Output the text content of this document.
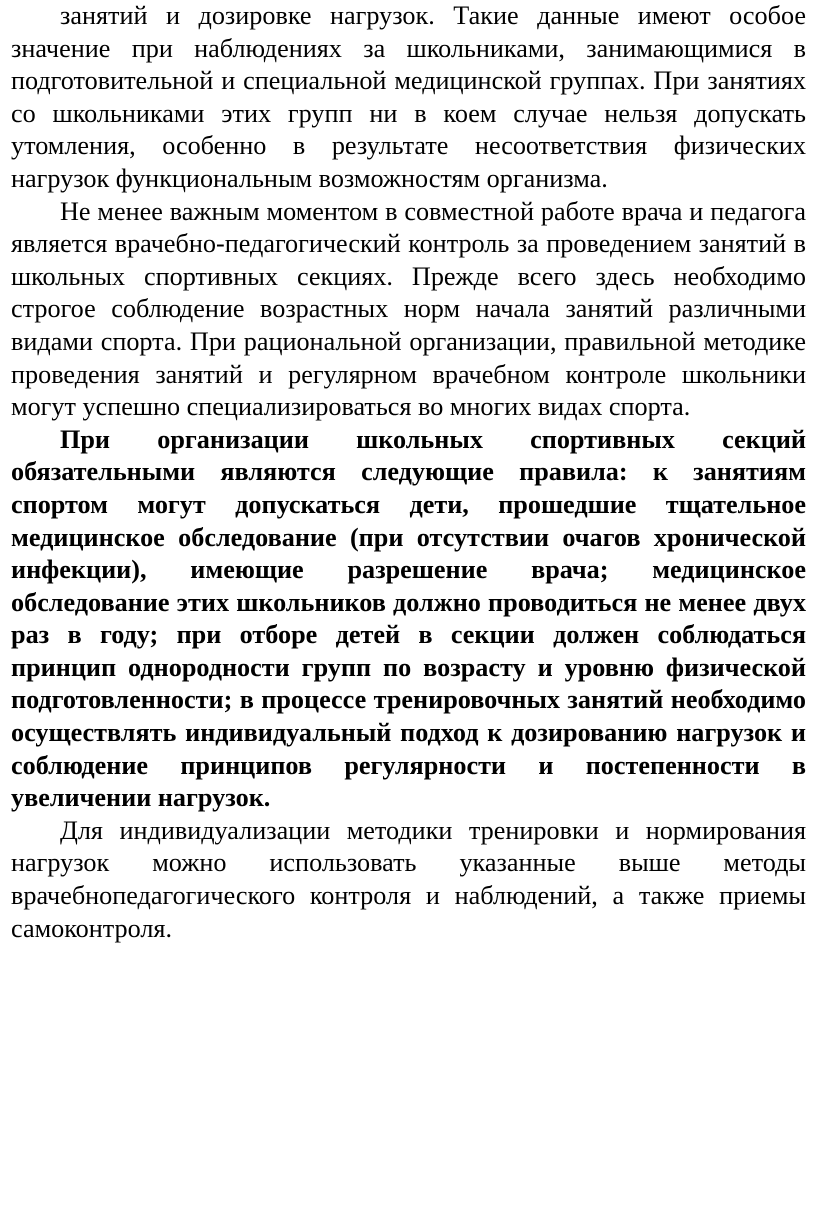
занятий и дозировке нагрузок. Такие данные имеют особое значение при наблюдениях за школьниками, занимающимися в подготовительной и специальной медицинской группах. При занятиях со школьниками этих групп ни в коем случае нельзя допускать утомления, особенно в результате несоответствия физических нагрузок функциональным возможностям организма.

Не менее важным моментом в совместной работе врача и педагога является врачебно-педагогический контроль за проведением занятий в школьных спортивных секциях. Прежде всего здесь необходимо строгое соблюдение возрастных норм начала занятий различными видами спорта. При рациональной организации, правильной методике проведения занятий и регулярном врачебном контроле школьники могут успешно специализироваться во многих видах спорта.

При организации школьных спортивных секций обязательными являются следующие правила: к занятиям спортом могут допускаться дети, прошедшие тщательное медицинское обследование (при отсутствии очагов хронической инфекции), имеющие разрешение врача; медицинское обследование этих школьников должно проводиться не менее двух раз в году; при отборе детей в секции должен соблюдаться принцип однородности групп по возрасту и уровню физической подготовленности; в процессе тренировочных занятий необходимо осуществлять индивидуальный подход к дозированию нагрузок и соблюдение принципов регулярности и постепенности в увеличении нагрузок.

Для индивидуализации методики тренировки и нормирования нагрузок можно использовать указанные выше методы врачебнопедагогического контроля и наблюдений, а также приемы самоконтроля.
